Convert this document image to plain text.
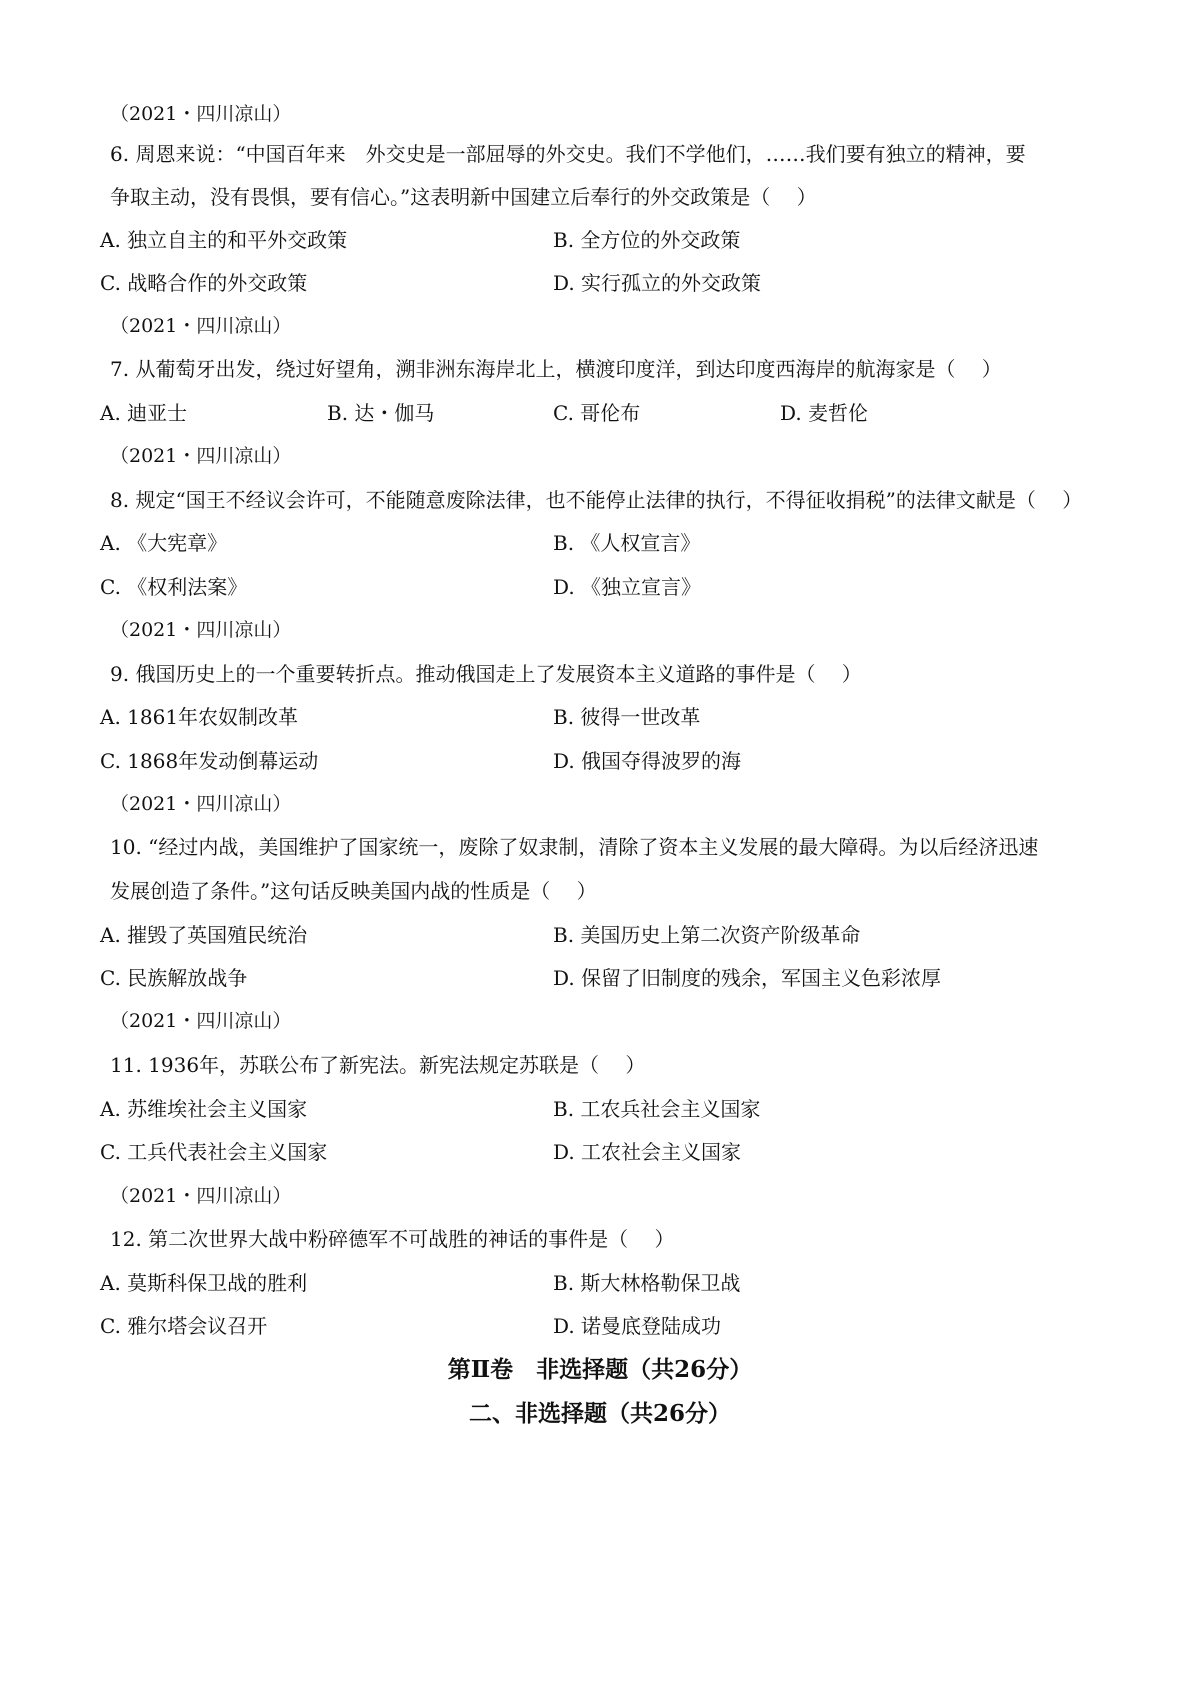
（2021・四川凉山）
6. 周恩来说：“中国百年来　外交史是一部屈辱的外交史。我们不学他们，……我们要有独立的精神，要
争取主动，没有畏惧，要有信心。”这表明新中国建立后奉行的外交政策是（　 ）
A. 独立自主的和平外交政策	B. 全方位的外交政策
C. 战略合作的外交政策	D. 实行孤立的外交政策
（2021・四川凉山）
7. 从葡萄牙出发，绕过好望角，溯非洲东海岸北上，横渡印度洋，到达印度西海岸的航海家是（　 ）
A. 迪亚士	B. 达・伽马	C. 哥伦布	D. 麦哲伦
（2021・四川凉山）
8. 规定“国王不经议会许可，不能随意废除法律，也不能停止法律的执行，不得征收捐税”的法律文献是（　 ）
A. 《大宪章》	B. 《人权宣言》
C. 《权利法案》	D. 《独立宣言》
（2021・四川凉山）
9. 俄国历史上的一个重要转折点。推动俄国走上了发展资本主义道路的事件是（　 ）
A. 1861年农奴制改革	B. 彼得一世改革
C. 1868年发动倒幕运动	D. 俄国夺得波罗的海
（2021・四川凉山）
10. “经过内战，美国维护了国家统一，废除了奴隶制，清除了资本主义发展的最大障碍。为以后经济迅速
发展创造了条件。”这句话反映美国内战的性质是（　 ）
A. 摧毁了英国殖民统治	B. 美国历史上第二次资产阶级革命
C. 民族解放战争	D. 保留了旧制度的残余，军国主义色彩浓厚
（2021・四川凉山）
11. 1936年，苏联公布了新宪法。新宪法规定苏联是（　 ）
A. 苏维埃社会主义国家	B. 工农兵社会主义国家
C. 工兵代表社会主义国家	D. 工农社会主义国家
（2021・四川凉山）
12. 第二次世界大战中粉碎德军不可战胜的神话的事件是（　 ）
A. 莫斯科保卫战的胜利	B. 斯大林格勒保卫战
C. 雅尔塔会议召开	D. 诺曼底登陆成功
第Ⅱ卷　非选择题（共26分）
二、非选择题（共26分）
